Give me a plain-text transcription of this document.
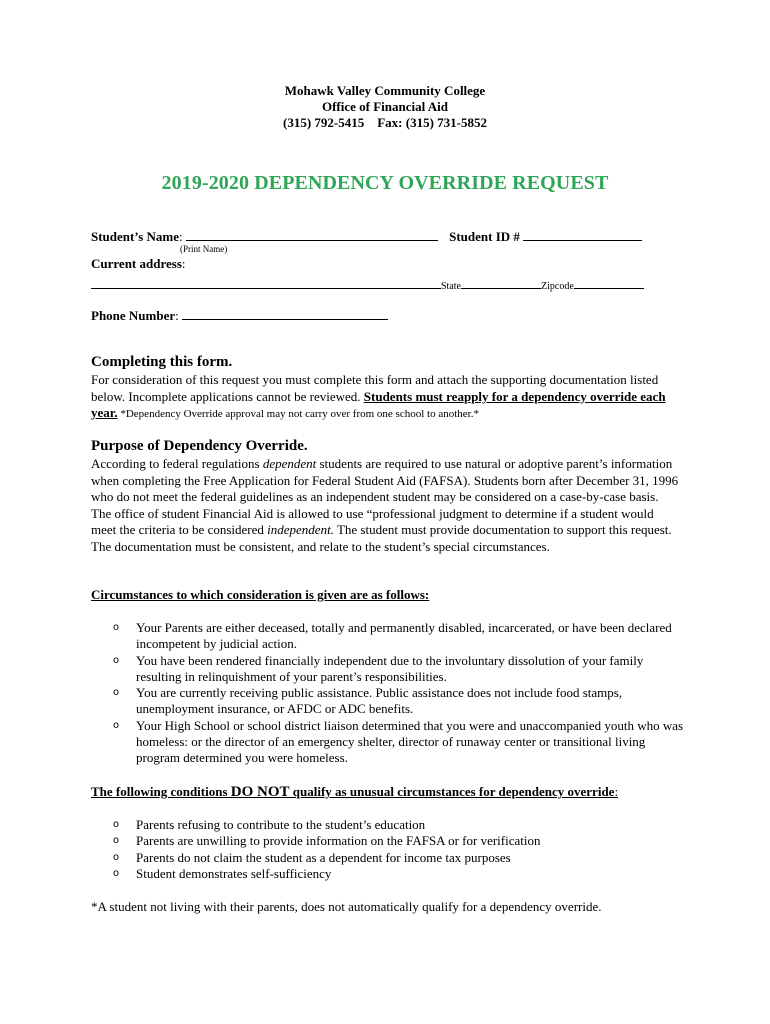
Mohawk Valley Community College
Office of Financial Aid
(315) 792-5415    Fax: (315) 731-5852
2019-2020 DEPENDENCY OVERRIDE REQUEST
Student’s Name:	Student ID #
(Print Name)
Current address:
State	Zipcode
Phone Number:
Completing this form.
For consideration of this request you must complete this form and attach the supporting documentation listed below. Incomplete applications cannot be reviewed. Students must reapply for a dependency override each year. *Dependency Override approval may not carry over from one school to another.*
Purpose of Dependency Override.
According to federal regulations dependent students are required to use natural or adoptive parent’s information when completing the Free Application for Federal Student Aid (FAFSA). Students born after December 31, 1996 who do not meet the federal guidelines as an independent student may be considered on a case-by-case basis. The office of student Financial Aid is allowed to use “professional judgment to determine if a student would meet the criteria to be considered independent. The student must provide documentation to support this request. The documentation must be consistent, and relate to the student’s special circumstances.
Circumstances to which consideration is given are as follows:
o Your Parents are either deceased, totally and permanently disabled, incarcerated, or have been declared incompetent by judicial action.
o You have been rendered financially independent due to the involuntary dissolution of your family resulting in relinquishment of your parent’s responsibilities.
o You are currently receiving public assistance. Public assistance does not include food stamps, unemployment insurance, or AFDC or ADC benefits.
o Your High School or school district liaison determined that you were and unaccompanied youth who was homeless: or the director of an emergency shelter, director of runaway center or transitional living program determined you were homeless.
The following conditions DO NOT qualify as unusual circumstances for dependency override:
o Parents refusing to contribute to the student’s education
o Parents are unwilling to provide information on the FAFSA or for verification
o Parents do not claim the student as a dependent for income tax purposes
o Student demonstrates self-sufficiency
*A student not living with their parents, does not automatically qualify for a dependency override.
